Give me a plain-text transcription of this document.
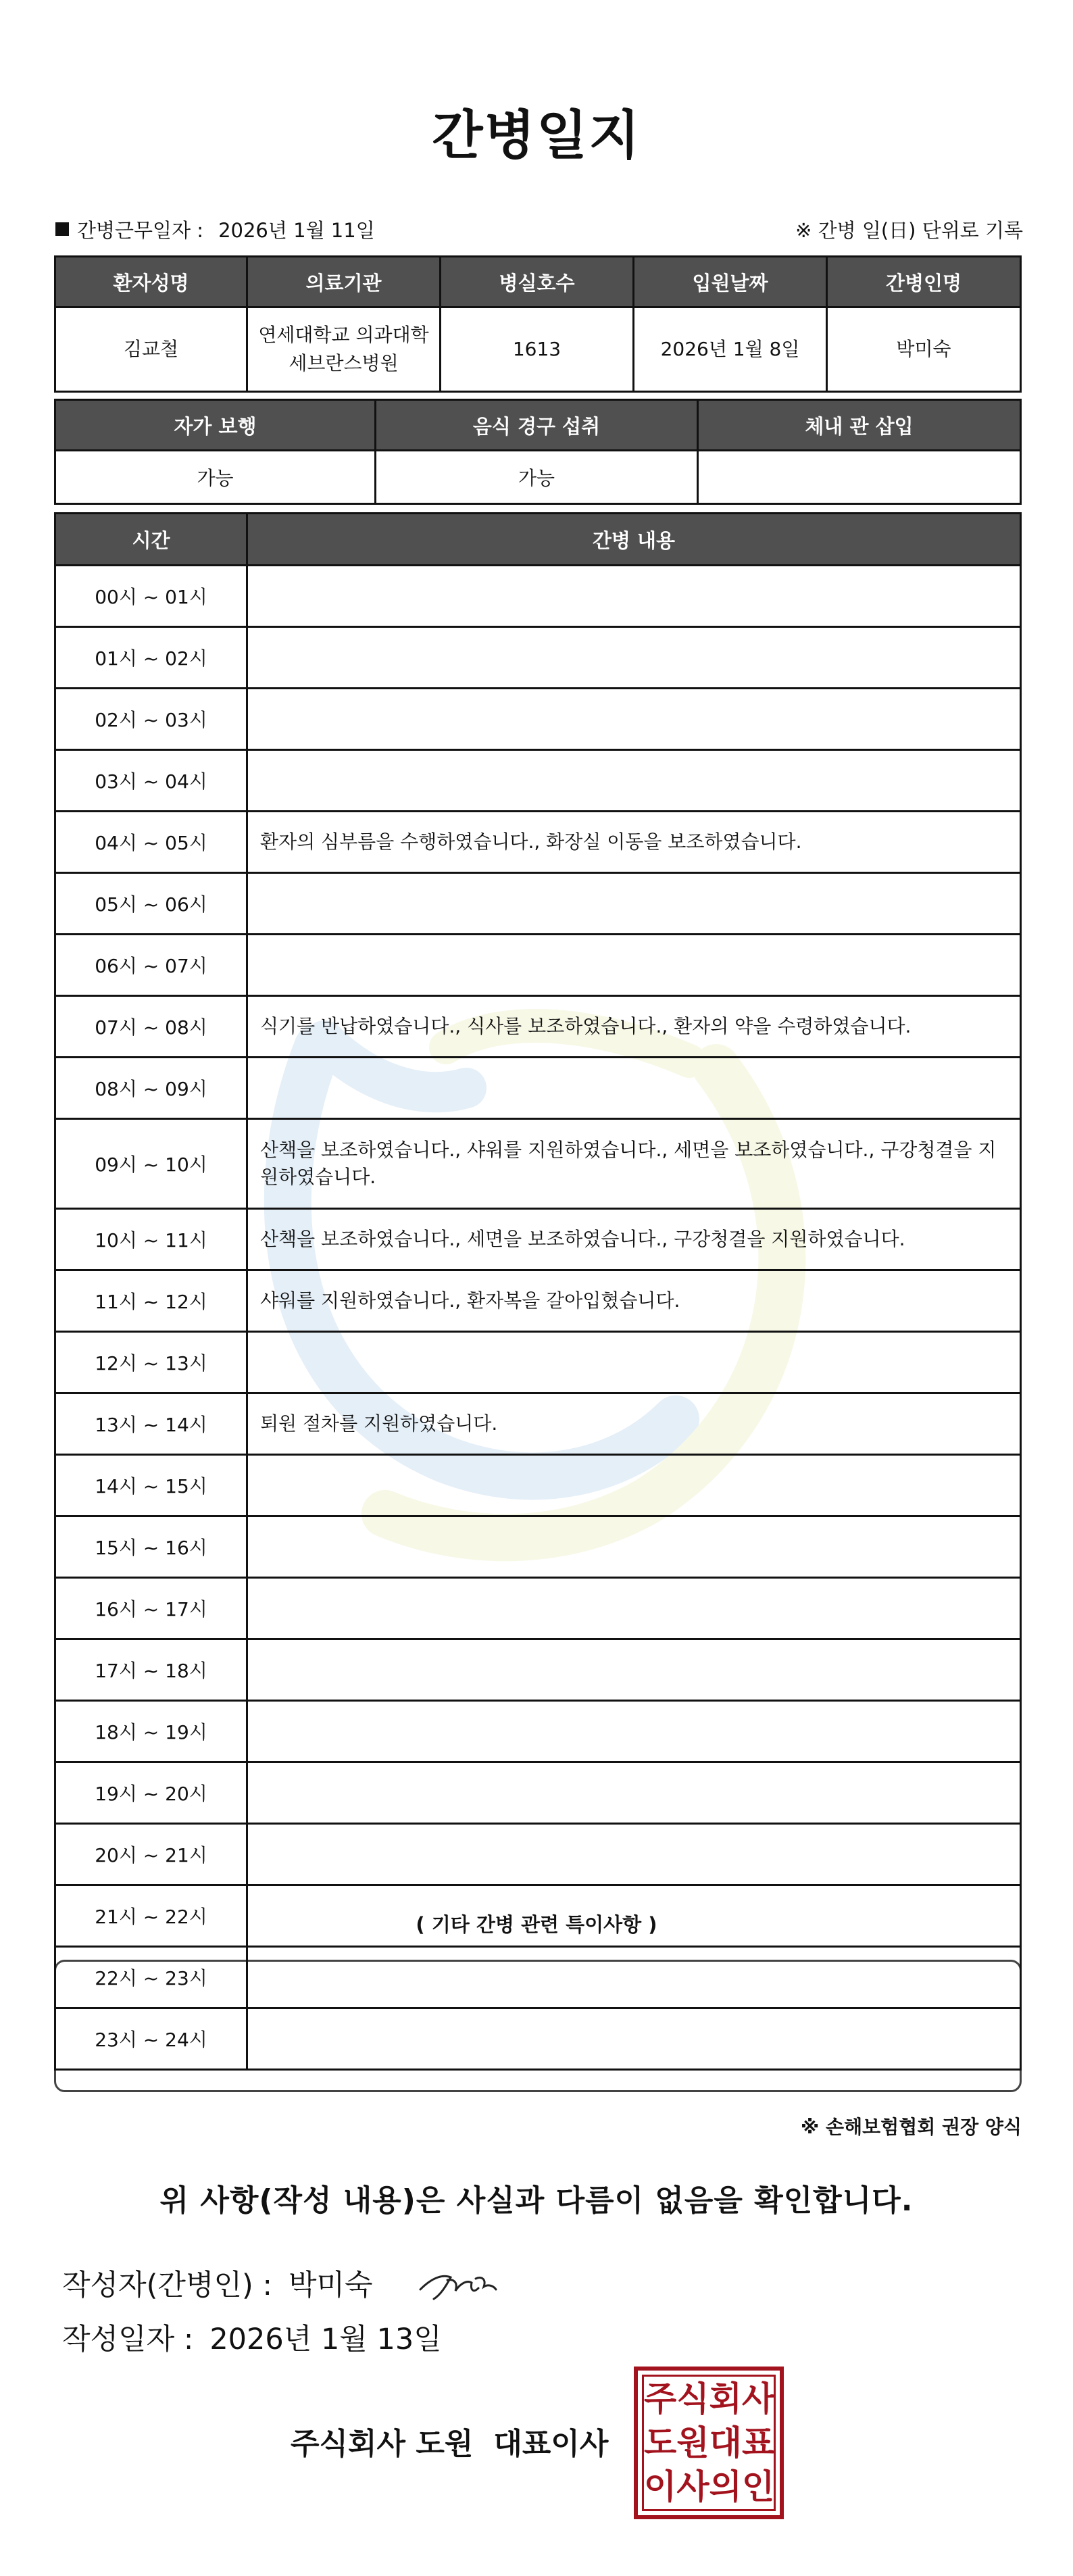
간병일지
간병근무일자 : 2026년 1월 11일	※ 간병 일(日) 단위로 기록
환자성명	의료기관	병실호수	입원날짜	간병인명
김교철	연세대학교 의과대학 세브란스병원	1613	2026년 1월 8일	박미숙
자가 보행	음식 경구 섭취	체내 관 삽입
가능	가능	
시간	간병 내용
00시 ~ 01시	
01시 ~ 02시	
02시 ~ 03시	
03시 ~ 04시	
04시 ~ 05시	환자의 심부름을 수행하였습니다., 화장실 이동을 보조하였습니다.
05시 ~ 06시	
06시 ~ 07시	
07시 ~ 08시	식기를 반납하였습니다., 식사를 보조하였습니다., 환자의 약을 수령하였습니다.
08시 ~ 09시	
09시 ~ 10시	산책을 보조하였습니다., 샤워를 지원하였습니다., 세면을 보조하였습니다., 구강청결을 지원하였습니다.
10시 ~ 11시	산책을 보조하였습니다., 세면을 보조하였습니다., 구강청결을 지원하였습니다.
11시 ~ 12시	샤워를 지원하였습니다., 환자복을 갈아입혔습니다.
12시 ~ 13시	
13시 ~ 14시	퇴원 절차를 지원하였습니다.
14시 ~ 15시	
15시 ~ 16시	
16시 ~ 17시	
17시 ~ 18시	
18시 ~ 19시	
19시 ~ 20시	
20시 ~ 21시	
21시 ~ 22시	
22시 ~ 23시	
23시 ~ 24시	
( 기타 간병 관련 특이사항 )
※ 손해보험협회 권장 양식
위 사항(작성 내용)은 사실과 다름이 없음을 확인합니다.
작성자(간병인) : 박미숙
작성일자 : 2026년 1월 13일
주식회사 도원 대표이사
주 식 회 사
도 원 대 표
이 사 의 인
